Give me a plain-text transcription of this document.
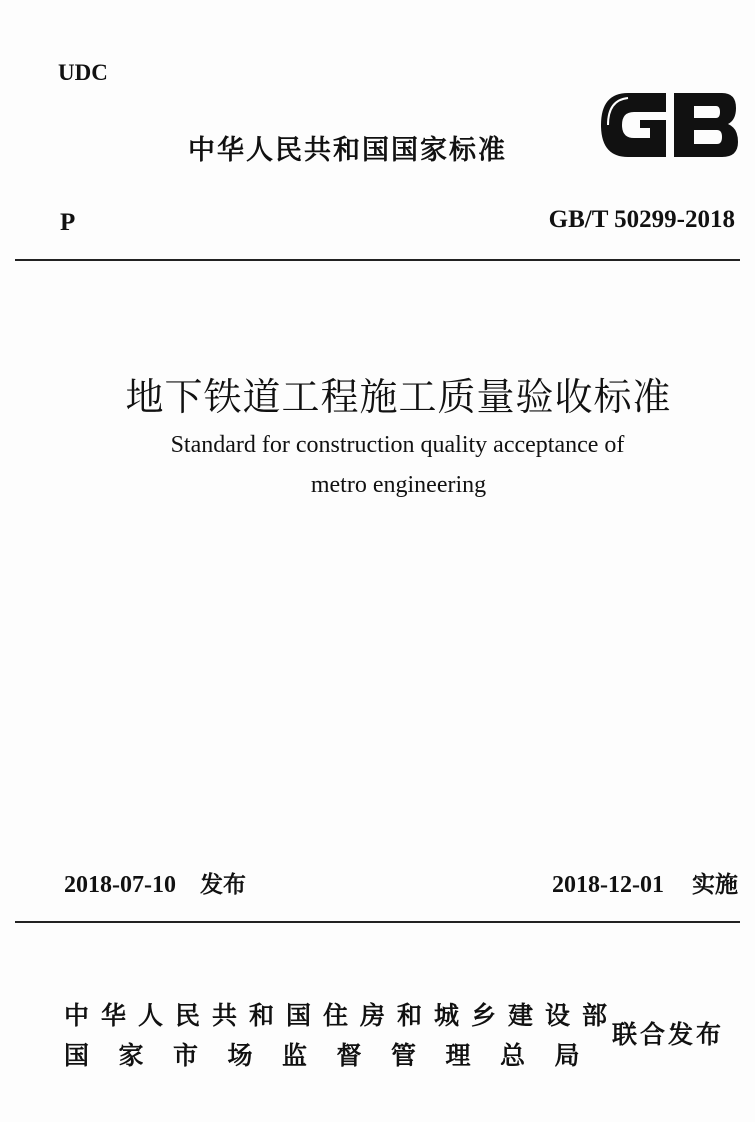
UDC
中华人民共和国国家标准
P	GB/T 50299-2018
地下铁道工程施工质量验收标准
Standard for construction quality acceptance of
metro engineering
2018-07-10 发布	2018-12-01 实施
中华人民共和国住房和城乡建设部
国家市场监督管理总局
联合发布
